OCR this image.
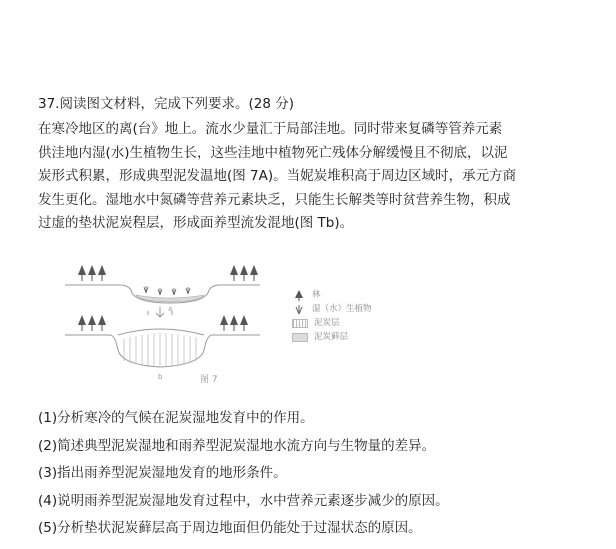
37.阅读图文材料，完成下列要求。(28 分)
在寒冷地区的离(台》地上。流水少量汇于局部洼地。同时带来复磷等管养元素
供洼地内湿(水)生植物生长，这些洼地中植物死亡残体分解缓慢且不彻底，以泥
炭形式积累，形成典型泥发温地(图 7A)。当妮炭堆积高于周边区域时，承元方商
发生更化。湿地水中氮磷等营养元素块乏，只能生长解类等时贫营养生物，积成
过虚的垫状泥炭程层，形成面养型流发混地(图 Tb)。
a
b
林
湿（水）生植物
泥炭层
泥炭藓层
图 7
(1)分析寒冷的气候在泥炭湿地发育中的作用。
(2)简述典型泥炭湿地和雨养型泥炭湿地水流方向与生物量的差异。
(3)指出雨养型泥炭湿地发育的地形条件。
(4)说明雨养型泥炭湿地发育过程中，水中营养元素逐步减少的原因。
(5)分析垫状泥炭藓层高于周边地面但仍能处于过湿状态的原因。
